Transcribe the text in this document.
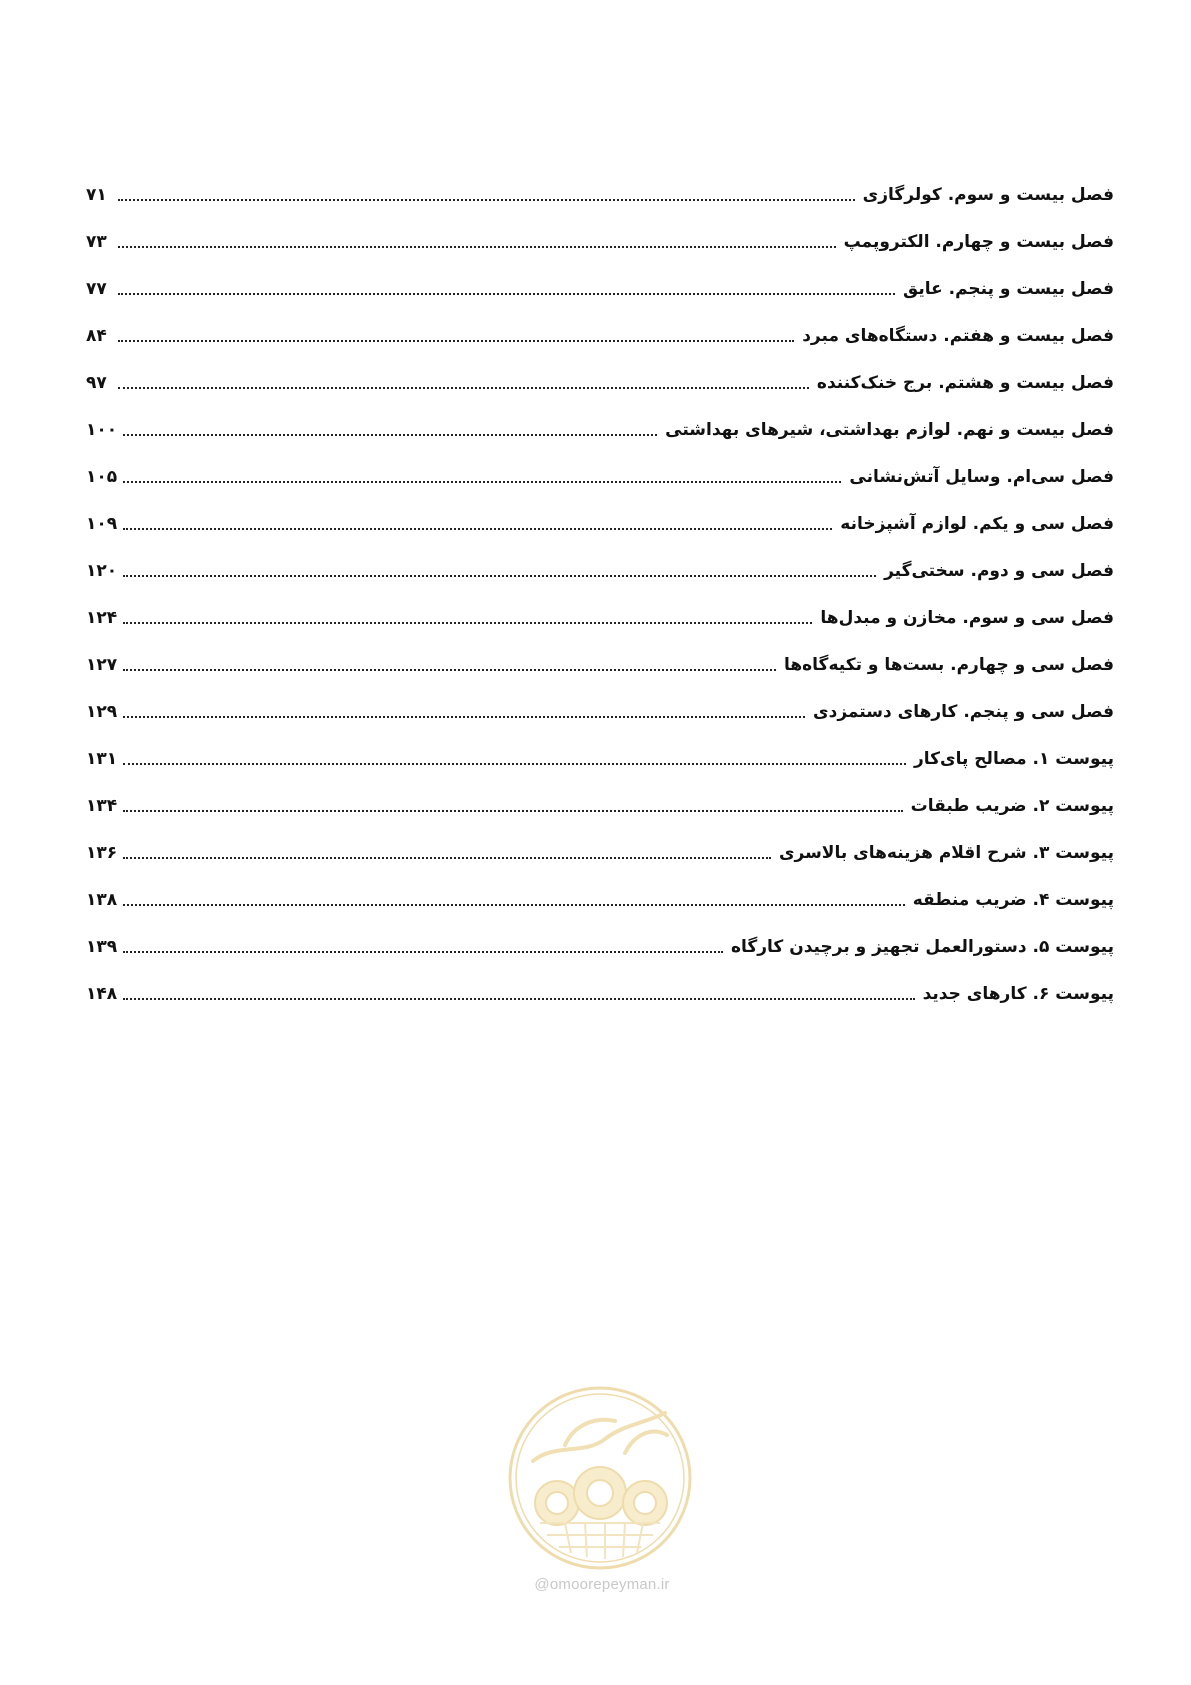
فصل بیست و سوم. کولرگازی
۷۱
فصل بیست و چهارم. الکتروپمپ
۷۳
فصل بیست و پنجم. عایق
۷۷
فصل بیست و هفتم. دستگاه‌های مبرد
۸۴
فصل بیست و هشتم. برج خنک‌کننده
۹۷
فصل بیست و نهم. لوازم بهداشتی، شیرهای بهداشتی
۱۰۰
فصل سی‌ام. وسایل آتش‌نشانی
۱۰۵
فصل سی و یکم. لوازم آشپزخانه
۱۰۹
فصل سی و دوم. سختی‌گیر
۱۲۰
فصل سی و سوم. مخازن و مبدل‌ها
۱۲۴
فصل سی و چهارم. بست‌ها و تکیه‌گاه‌ها
۱۲۷
فصل سی و پنجم. کارهای دستمزدی
۱۲۹
پیوست ۱. مصالح پای‌کار
۱۳۱
پیوست ۲. ضریب طبقات
۱۳۴
پیوست ۳. شرح اقلام هزینه‌های بالاسری
۱۳۶
پیوست ۴. ضریب منطقه
۱۳۸
پیوست ۵. دستورالعمل تجهیز و برچیدن کارگاه
۱۳۹
پیوست ۶. کارهای جدید
۱۴۸
@omoorepeyman.ir
